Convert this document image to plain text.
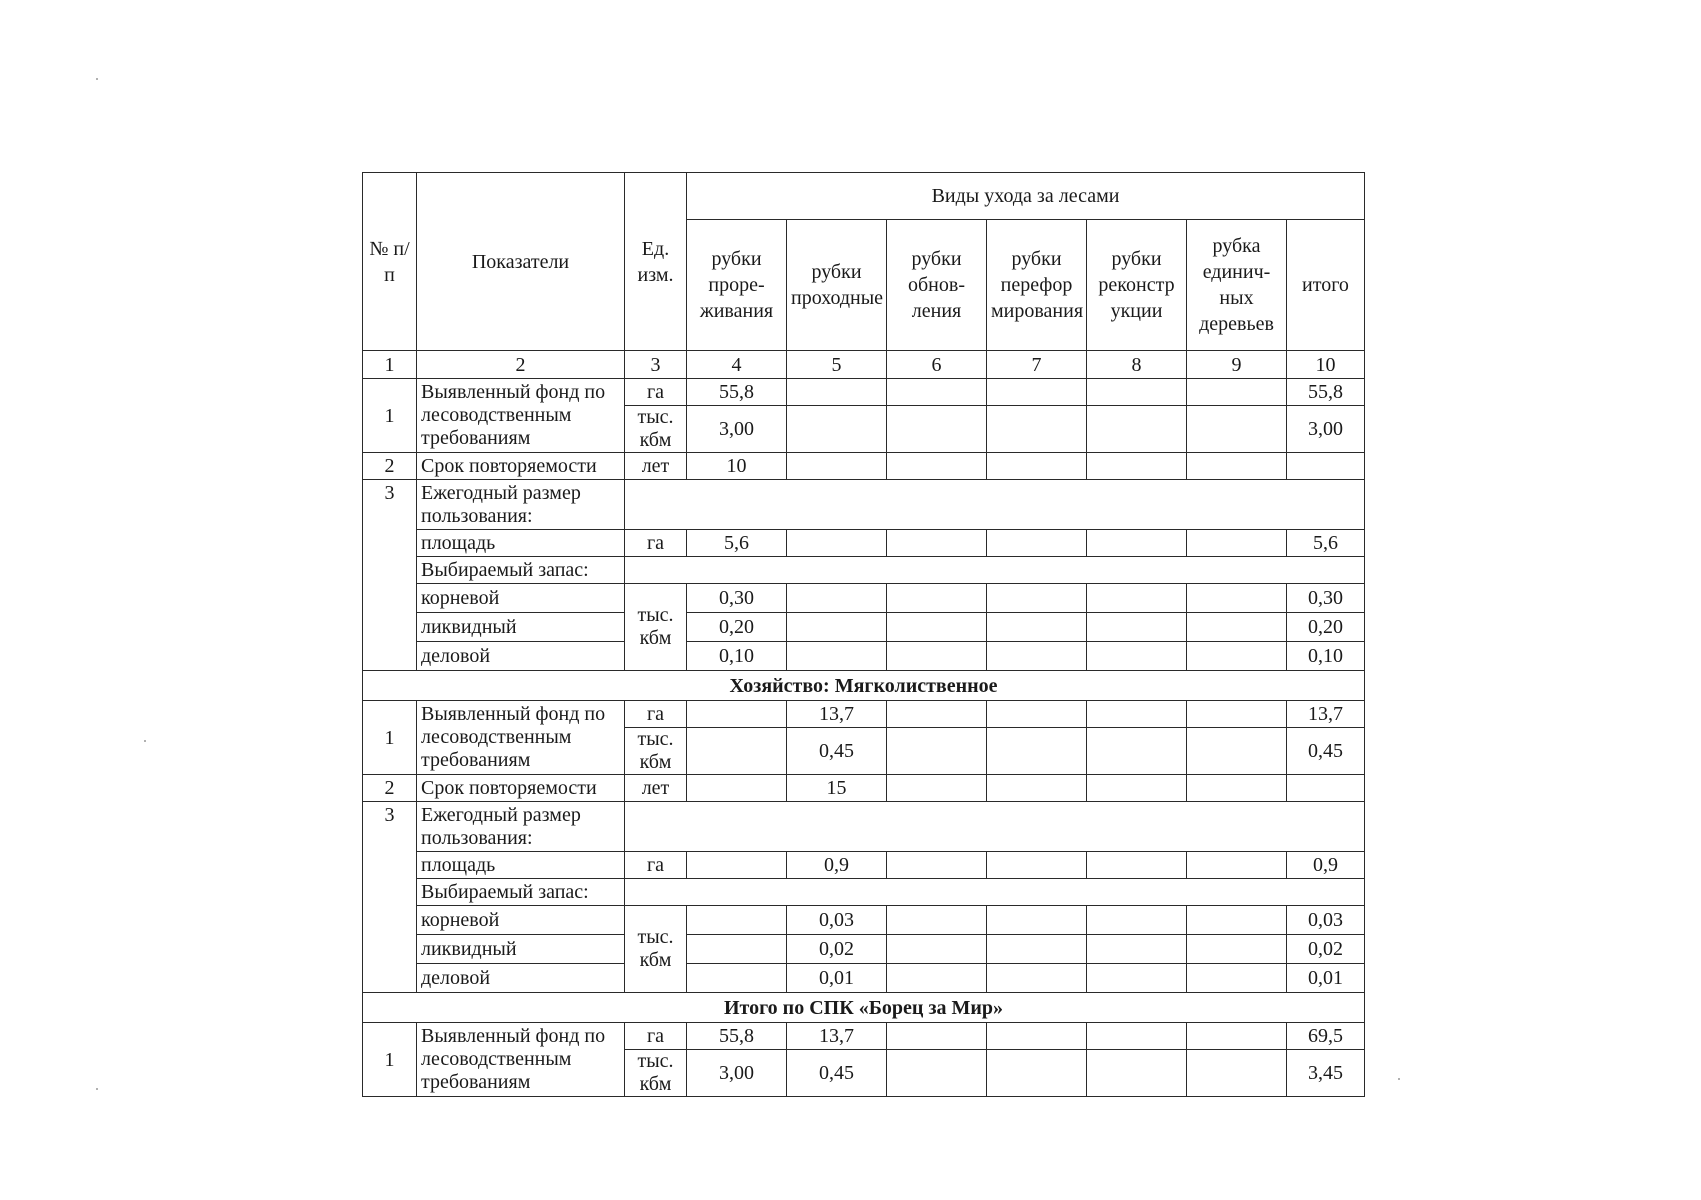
№ п/п	Показатели	Ед. изм.	Виды ухода за лесами						
			рубки проре-живания	рубки проходные	рубки обнов-ления	рубки перефор мирования	рубки реконстр укции	рубка единич-ных деревьев	итого
1	2	3	4	5	6	7	8	9	10
1	Выявленный фонд по лесоводственным требованиям	га	55,8						55,8
		тыс. кбм	3,00						3,00
2	Срок повторяемости	лет	10						
3	Ежегодный размер пользования:								
	площадь	га	5,6						5,6
	Выбираемый запас:								
	корневой	тыс. кбм	0,30						0,30
	ликвидный		0,20						0,20
	деловой		0,10						0,10
Хозяйство: Мягколиственное									
1	Выявленный фонд по лесоводственным требованиям	га		13,7					13,7
		тыс. кбм		0,45					0,45
2	Срок повторяемости	лет		15					
3	Ежегодный размер пользования:								
	площадь	га		0,9					0,9
	Выбираемый запас:								
	корневой	тыс. кбм		0,03					0,03
	ликвидный			0,02					0,02
	деловой			0,01					0,01
Итого по СПК «Борец за Мир»									
1	Выявленный фонд по лесоводственным требованиям	га	55,8	13,7					69,5
		тыс. кбм	3,00	0,45					3,45
